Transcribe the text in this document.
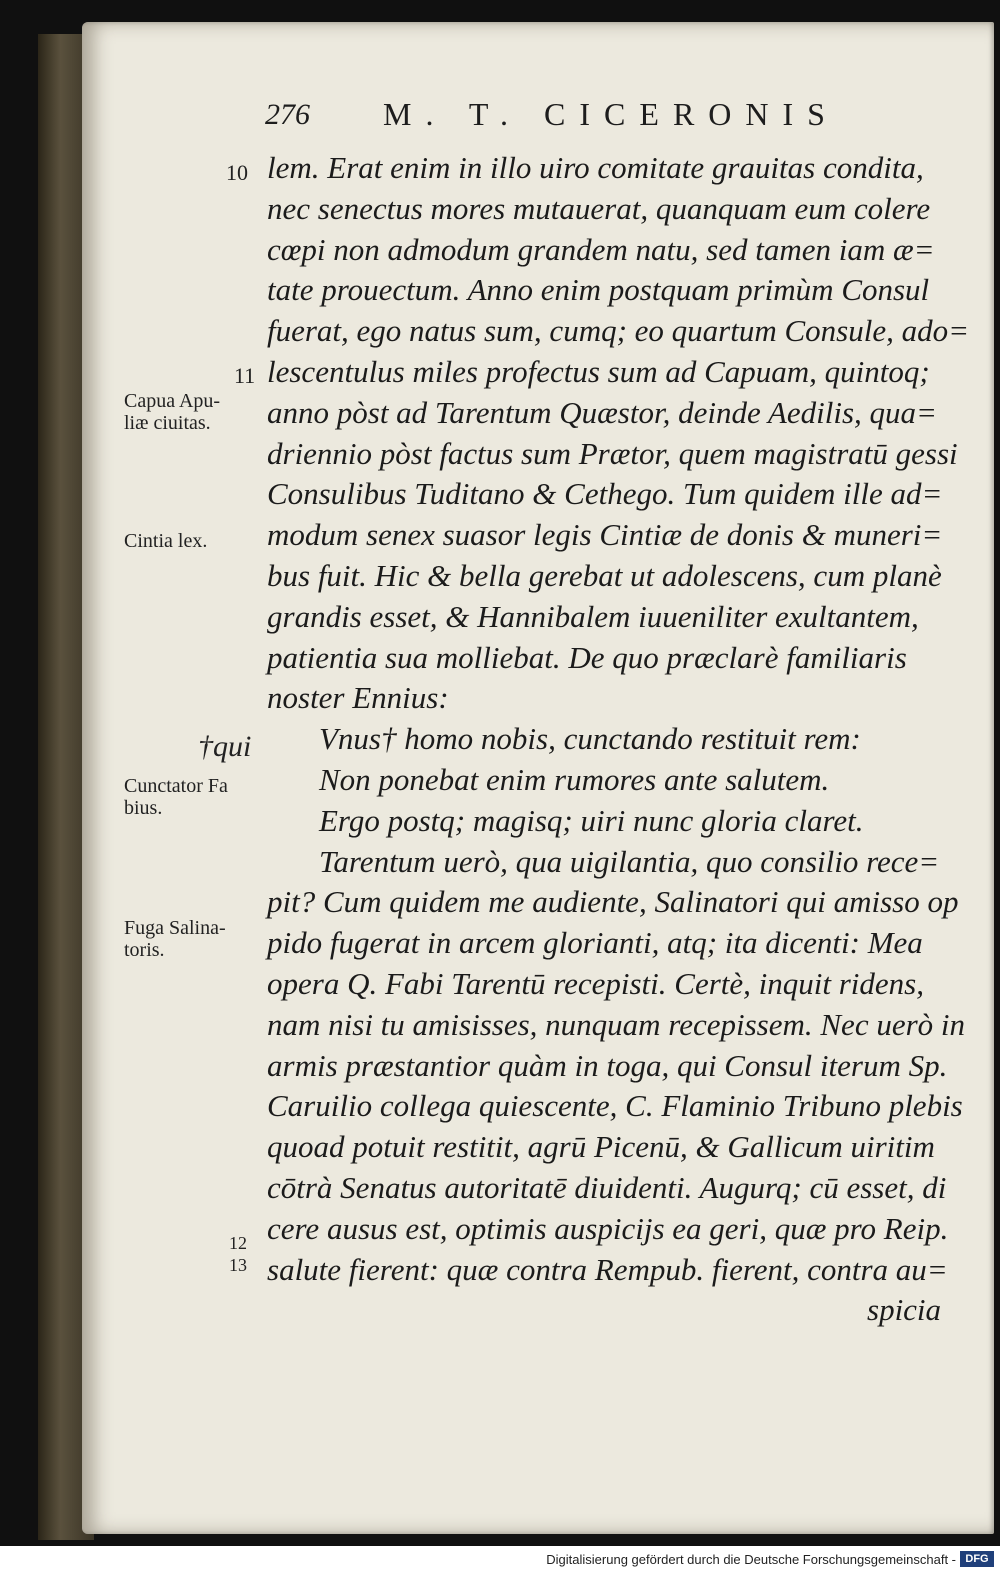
276 M. T. CICERONIS
10
11
12
13
Capua Apu-
liæ ciuitas.
Cintia lex.
†qui
Cunctator Fa
bius.
Fuga Salina-
toris.
lem. Erat enim in illo uiro comitate grauitas condita,
nec senectus mores mutauerat, quanquam eum colere
cœpi non admodum grandem natu, sed tamen iam æ=
tate prouectum. Anno enim postquam primùm Consul
fuerat, ego natus sum, cumq; eo quartum Consule, ado=
lescentulus miles profectus sum ad Capuam, quintoq;
anno pòst ad Tarentum Quæstor, deinde Aedilis, qua=
driennio pòst factus sum Prætor, quem magistratū gessi
Consulibus Tuditano & Cethego. Tum quidem ille ad=
modum senex suasor legis Cintiæ de donis & muneri=
bus fuit. Hic & bella gerebat ut adolescens, cum planè
grandis esset, & Hannibalem iuueniliter exultantem,
patientia sua molliebat. De quo præclarè familiaris
noster Ennius:
Vnus† homo nobis, cunctando restituit rem:
Non ponebat enim rumores ante salutem.
Ergo postq; magisq; uiri nunc gloria claret.
Tarentum uerò, qua uigilantia, quo consilio rece=
pit? Cum quidem me audiente, Salinatori qui amisso op
pido fugerat in arcem glorianti, atq; ita dicenti: Mea
opera Q. Fabi Tarentū recepisti. Certè, inquit ridens,
nam nisi tu amisisses, nunquam recepissem. Nec uerò in
armis præstantior quàm in toga, qui Consul iterum Sp.
Caruilio collega quiescente, C. Flaminio Tribuno plebis
quoad potuit restitit, agrū Picenū, & Gallicum uiritim
cōtrà Senatus autoritatē diuidenti. Augurq; cū esset, di
cere ausus est, optimis auspicijs ea geri, quæ pro Reip.
salute fierent: quæ contra Rempub. fierent, contra au=
spicia
Digitalisierung gefördert durch die Deutsche Forschungsgemeinschaft - DFG
